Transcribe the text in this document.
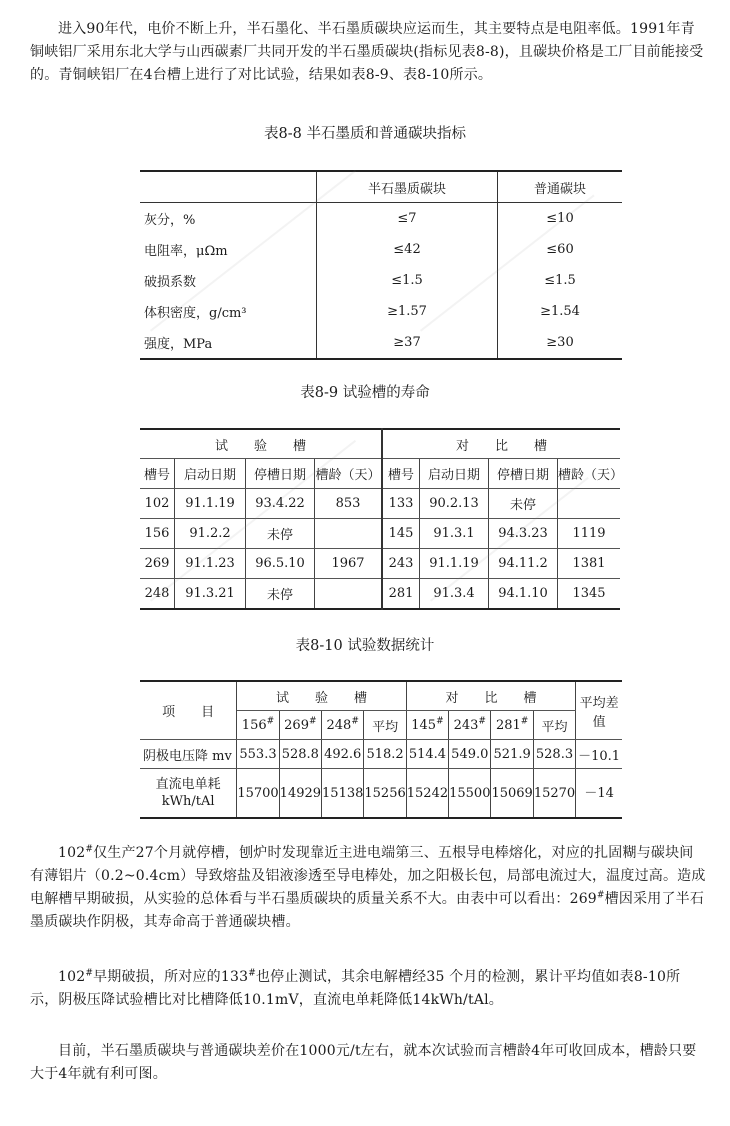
进入90年代，电价不断上升，半石墨化、半石墨质碳块应运而生，其主要特点是电阻率低。1991年青铜峡铝厂采用东北大学与山西碳素厂共同开发的半石墨质碳块(指标见表8-8)，且碳块价格是工厂目前能接受的。青铜峡铝厂在4台槽上进行了对比试验，结果如表8-9、表8-10所示。

表8-8 半石墨质和普通碳块指标
	半石墨质碳块	普通碳块
灰分，%	≤7	≤10
电阻率，μΩm	≤42	≤60
破损系数	≤1.5	≤1.5
体积密度，g/cm³	≥1.57	≥1.54
强度，MPa	≥37	≥30
表8-9 试验槽的寿命
试　　验　　槽				对　　比　　槽			
槽号	启动日期	停槽日期	槽龄（天）	槽号	启动日期	停槽日期	槽龄（天）
102	91.1.19	93.4.22	853	133	90.2.13	未停	
156	91.2.2	未停		145	91.3.1	94.3.23	1119
269	91.1.23	96.5.10	1967	243	91.1.19	94.11.2	1381
248	91.3.21	未停		281	91.3.4	94.1.10	1345
表8-10 试验数据统计
项　　目	试　　验　　槽				对　　比　　槽				平均差值
	156#	269#	248#	平均	145#	243#	281#	平均	
阴极电压降 mv	553.3	528.8	492.6	518.2	514.4	549.0	521.9	528.3	－10.1
直流电单耗
kWh/tAl	15700	14929	15138	15256	15242	15500	15069	15270	－14

102#仅生产27个月就停槽，刨炉时发现靠近主进电端第三、五根导电棒熔化，对应的扎固糊与碳块间有薄铝片（0.2~0.4cm）导致熔盐及铝液渗透至导电棒处，加之阳极长包，局部电流过大，温度过高。造成电解槽早期破损，从实验的总体看与半石墨质碳块的质量关系不大。由表中可以看出：269#槽因采用了半石墨质碳块作阴极，其寿命高于普通碳块槽。

102#早期破损，所对应的133#也停止测试，其余电解槽经35 个月的检测，累计平均值如表8-10所示，阴极压降试验槽比对比槽降低10.1mV，直流电单耗降低14kWh/tAl。

目前，半石墨质碳块与普通碳块差价在1000元/t左右，就本次试验而言槽龄4年可收回成本，槽龄只要大于4年就有利可图。
